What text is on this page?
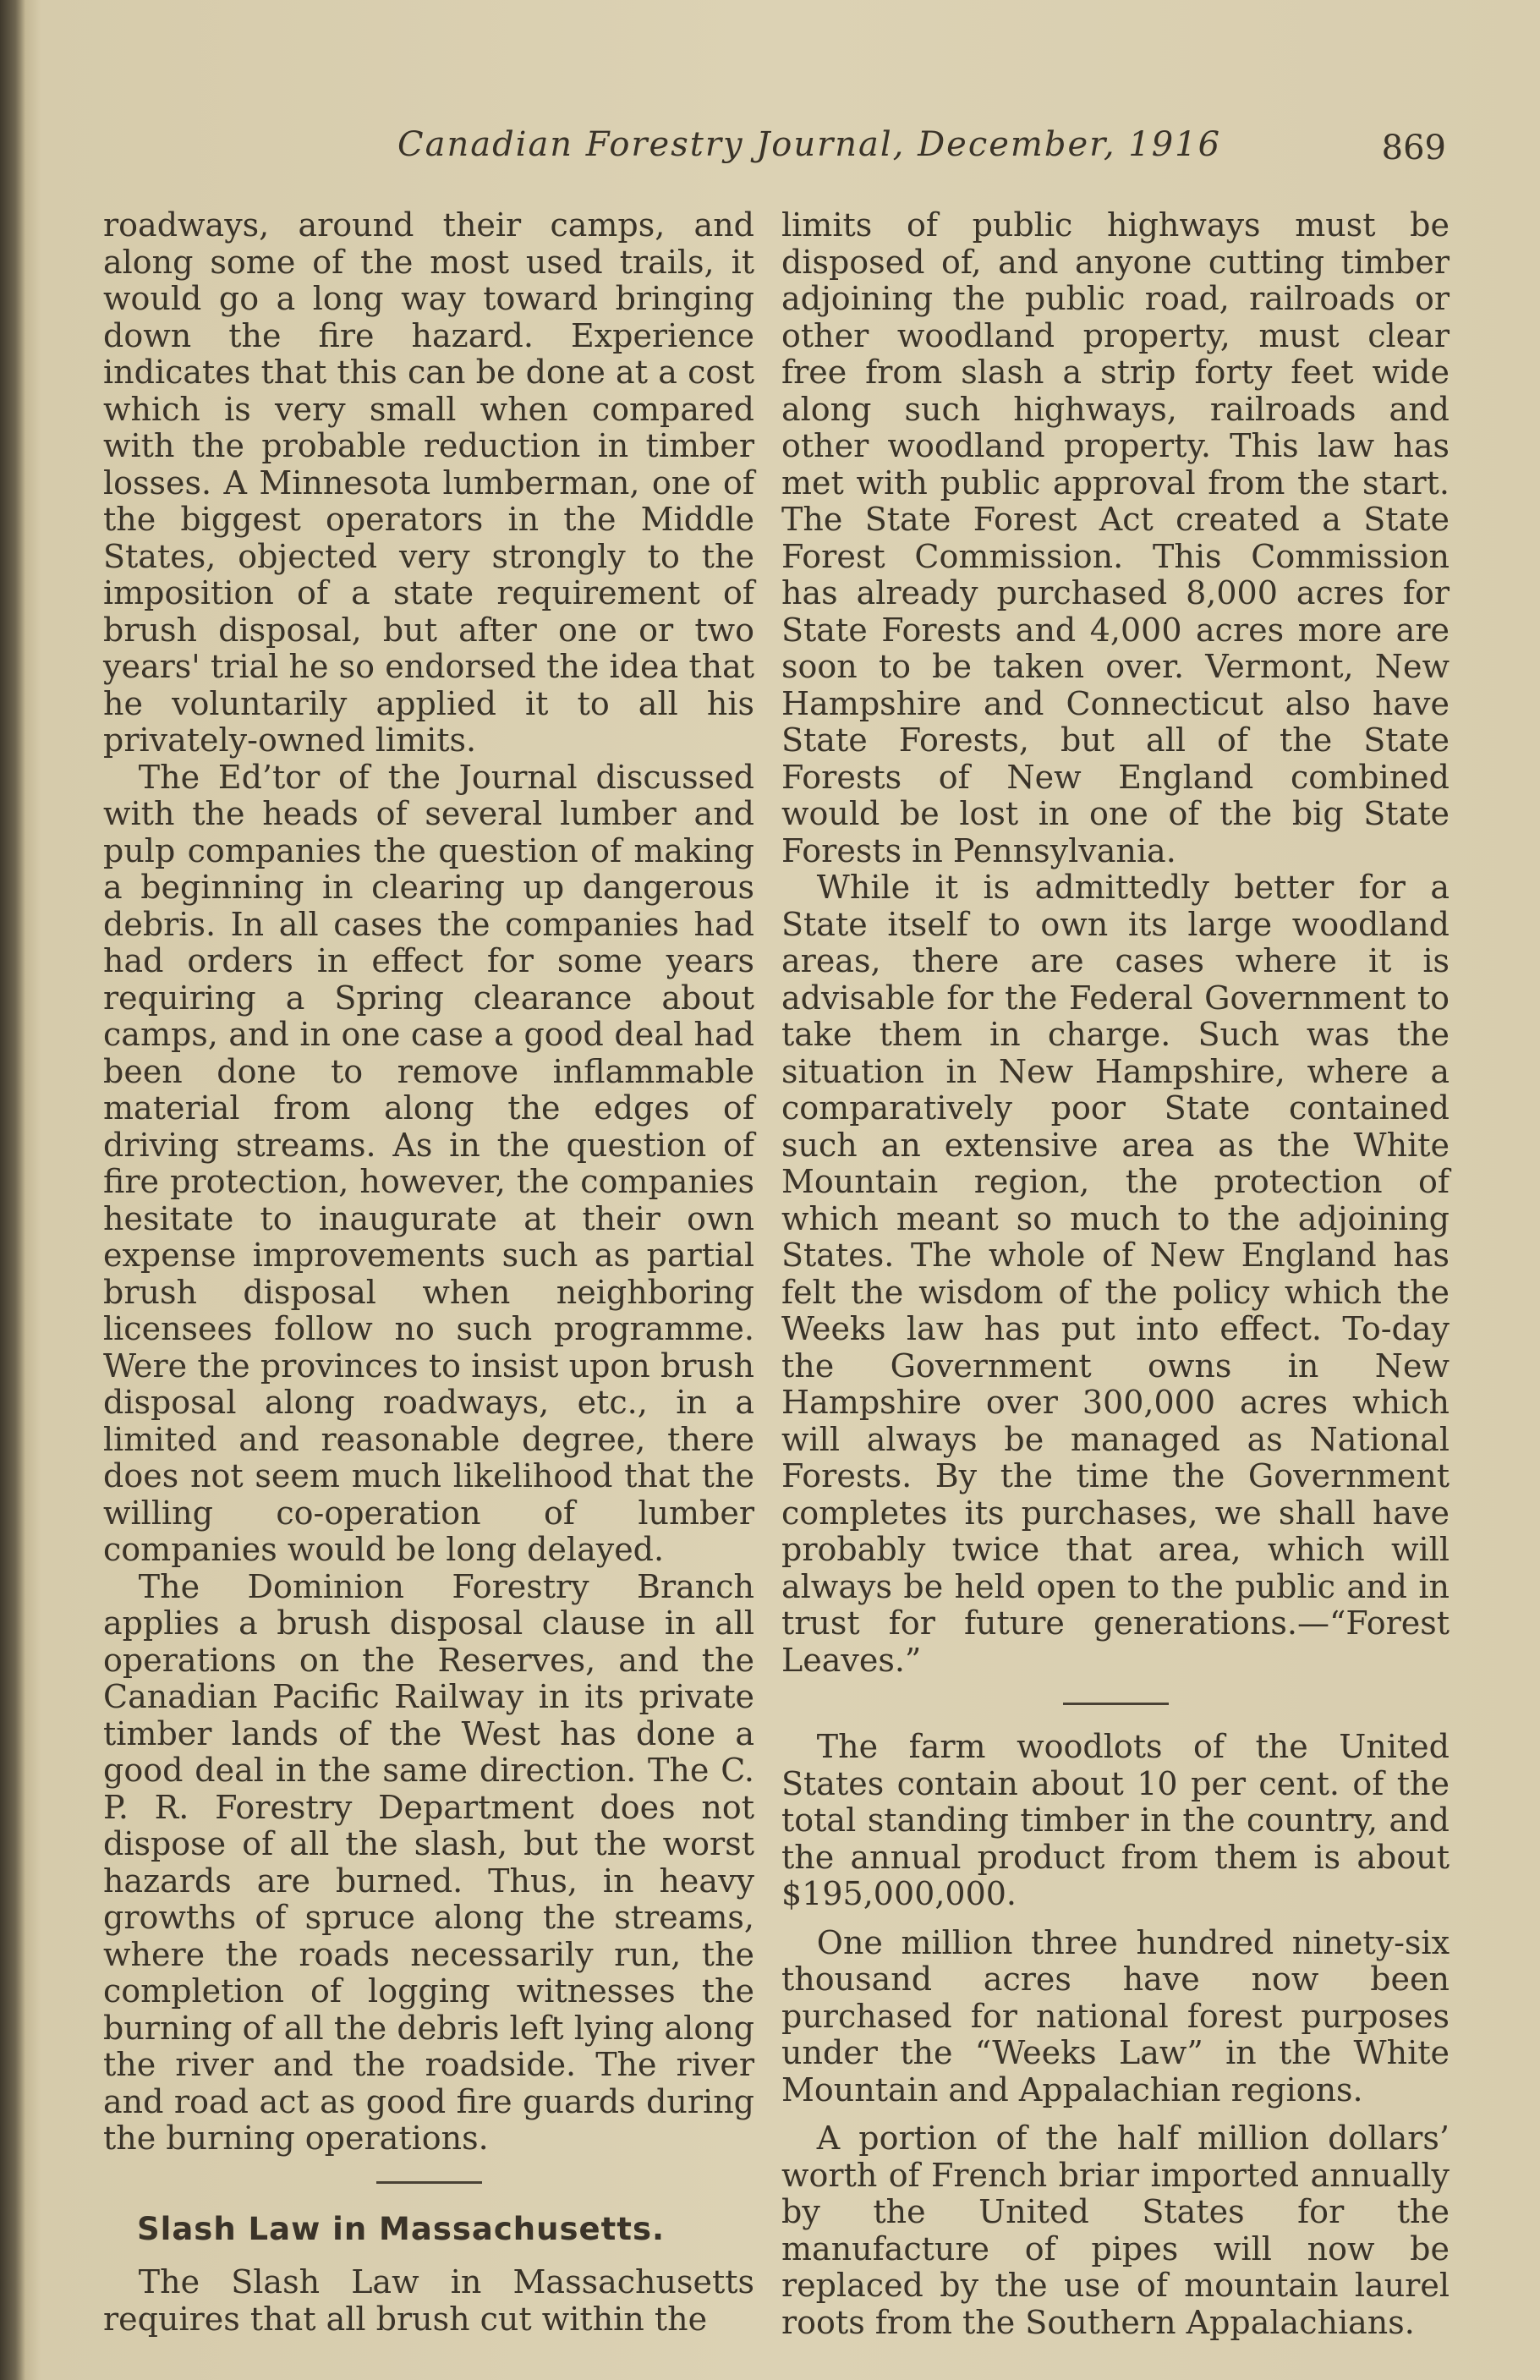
Canadian Forestry Journal, December, 1916	869

roadways, around their camps, and along some of the most used trails, it would go a long way toward bringing down the fire hazard. Experience indicates that this can be done at a cost which is very small when compared with the probable reduction in timber losses. A Minnesota lumberman, one of the biggest operators in the Middle States, objected very strongly to the imposition of a state requirement of brush disposal, but after one or two years' trial he so endorsed the idea that he voluntarily applied it to all his privately-owned limits.

The Ed’tor of the Journal discussed with the heads of several lumber and pulp companies the question of making a beginning in clearing up dangerous debris. In all cases the companies had had orders in effect for some years requiring a Spring clearance about camps, and in one case a good deal had been done to remove inflammable material from along the edges of driving streams. As in the question of fire protection, however, the companies hesitate to inaugurate at their own expense improvements such as partial brush disposal when neighboring licensees follow no such programme. Were the provinces to insist upon brush disposal along roadways, etc., in a limited and reasonable degree, there does not seem much likelihood that the willing co-operation of lumber companies would be long delayed.

The Dominion Forestry Branch applies a brush disposal clause in all operations on the Reserves, and the Canadian Pacific Railway in its private timber lands of the West has done a good deal in the same direction. The C. P. R. Forestry Department does not dispose of all the slash, but the worst hazards are burned. Thus, in heavy growths of spruce along the streams, where the roads necessarily run, the completion of logging witnesses the burning of all the debris left lying along the river and the roadside. The river and road act as good fire guards during the burning operations.

Slash Law in Massachusetts.

The Slash Law in Massachusetts requires that all brush cut within the

limits of public highways must be disposed of, and anyone cutting timber adjoining the public road, railroads or other woodland property, must clear free from slash a strip forty feet wide along such highways, railroads and other woodland property. This law has met with public approval from the start. The State Forest Act created a State Forest Commission. This Commission has already purchased 8,000 acres for State Forests and 4,000 acres more are soon to be taken over. Vermont, New Hampshire and Connecticut also have State Forests, but all of the State Forests of New England combined would be lost in one of the big State Forests in Pennsylvania.

While it is admittedly better for a State itself to own its large woodland areas, there are cases where it is advisable for the Federal Government to take them in charge. Such was the situation in New Hampshire, where a comparatively poor State contained such an extensive area as the White Mountain region, the protection of which meant so much to the adjoining States. The whole of New England has felt the wisdom of the policy which the Weeks law has put into effect. To-day the Government owns in New Hampshire over 300,000 acres which will always be managed as National Forests. By the time the Government completes its purchases, we shall have probably twice that area, which will always be held open to the public and in trust for future generations.—“Forest Leaves.”

The farm woodlots of the United States contain about 10 per cent. of the total standing timber in the country, and the annual product from them is about $195,000,000.

One million three hundred ninety-six thousand acres have now been purchased for national forest purposes under the “Weeks Law” in the White Mountain and Appalachian regions.

A portion of the half million dollars’ worth of French briar imported annually by the United States for the manufacture of pipes will now be replaced by the use of mountain laurel roots from the Southern Appalachians.
